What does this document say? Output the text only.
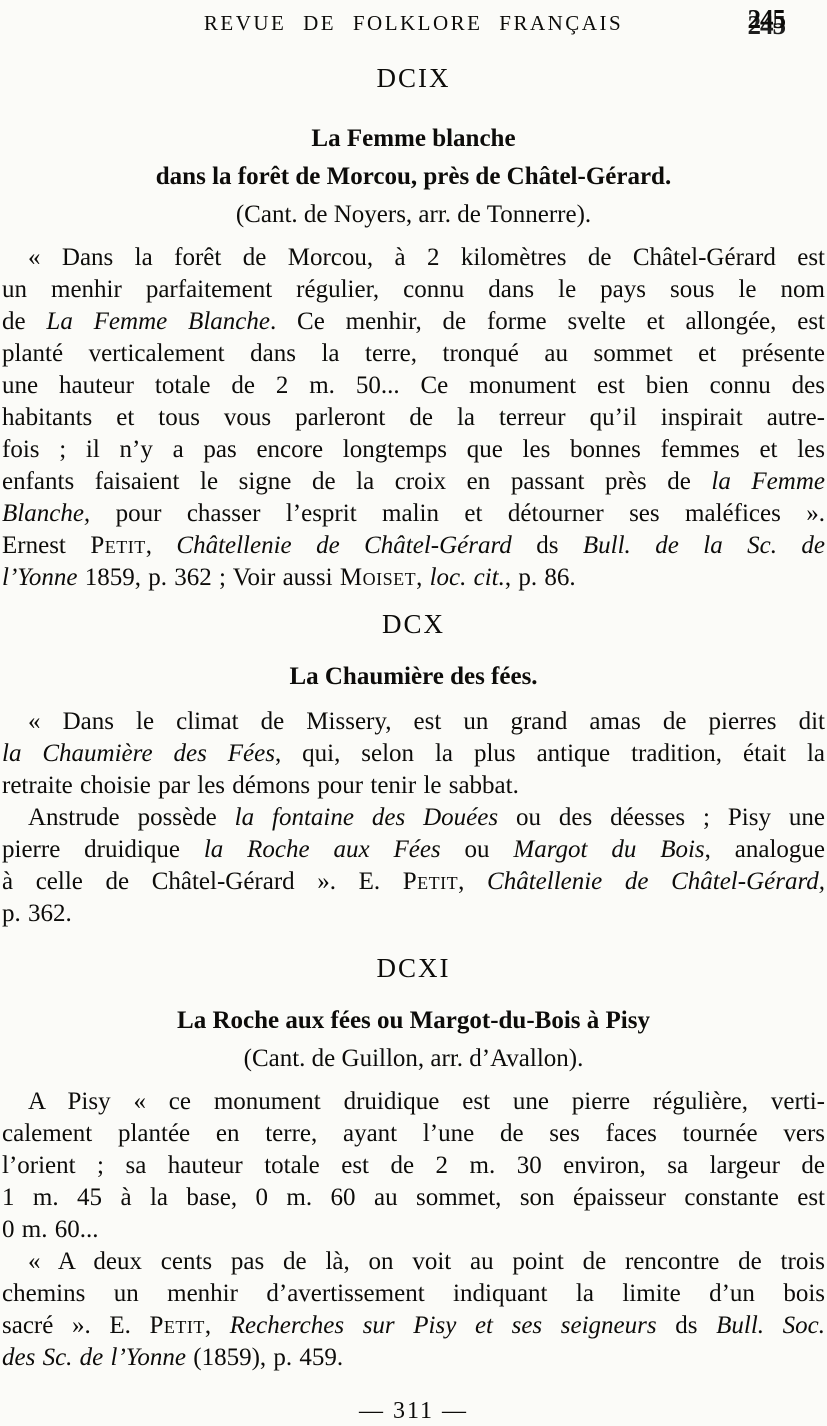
REVUE DE FOLKLORE FRANÇAIS	245
DCIX
La Femme blanche
dans la forêt de Morcou, près de Châtel-Gérard.
(Cant. de Noyers, arr. de Tonnerre).
« Dans la forêt de Morcou, à 2 kilomètres de Châtel-Gérard est
un menhir parfaitement régulier, connu dans le pays sous le nom
de La Femme Blanche. Ce menhir, de forme svelte et allongée, est
planté verticalement dans la terre, tronqué au sommet et présente
une hauteur totale de 2 m. 50... Ce monument est bien connu des
habitants et tous vous parleront de la terreur qu’il inspirait autre-
fois ; il n’y a pas encore longtemps que les bonnes femmes et les
enfants faisaient le signe de la croix en passant près de la Femme
Blanche, pour chasser l’esprit malin et détourner ses maléfices ».
Ernest Petit, Châtellenie de Châtel-Gérard ds Bull. de la Sc. de
l’Yonne 1859, p. 362 ; Voir aussi Moiset, loc. cit., p. 86.
DCX
La Chaumière des fées.
« Dans le climat de Missery, est un grand amas de pierres dit
la Chaumière des Fées, qui, selon la plus antique tradition, était la
retraite choisie par les démons pour tenir le sabbat.
Anstrude possède la fontaine des Douées ou des déesses ; Pisy une
pierre druidique la Roche aux Fées ou Margot du Bois, analogue
à celle de Châtel-Gérard ». E. Petit, Châtellenie de Châtel-Gérard,
p. 362.
DCXI
La Roche aux fées ou Margot-du-Bois à Pisy
(Cant. de Guillon, arr. d’Avallon).
A Pisy « ce monument druidique est une pierre régulière, verti-
calement plantée en terre, ayant l’une de ses faces tournée vers
l’orient ; sa hauteur totale est de 2 m. 30 environ, sa largeur de
1 m. 45 à la base, 0 m. 60 au sommet, son épaisseur constante est
0 m. 60...
« A deux cents pas de là, on voit au point de rencontre de trois
chemins un menhir d’avertissement indiquant la limite d’un bois
sacré ». E. Petit, Recherches sur Pisy et ses seigneurs ds Bull. Soc.
des Sc. de l’Yonne (1859), p. 459.
— 311 —
